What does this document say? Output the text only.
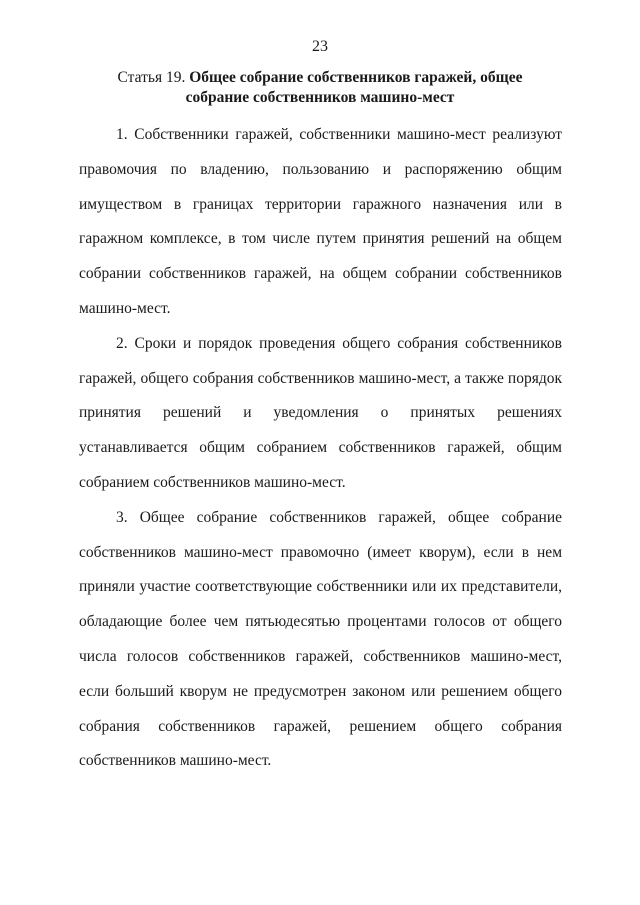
23
Статья 19. Общее собрание собственников гаражей, общее собрание собственников машино-мест

1. Собственники гаражей, собственники машино-мест реализуют правомочия по владению, пользованию и распоряжению общим имуществом в границах территории гаражного назначения или в гаражном комплексе, в том числе путем принятия решений на общем собрании собственников гаражей, на общем собрании собственников машино-мест.

2. Сроки и порядок проведения общего собрания собственников гаражей, общего собрания собственников машино-мест, а также порядок принятия решений и уведомления о принятых решениях устанавливается общим собранием собственников гаражей, общим собранием собственников машино-мест.

3. Общее собрание собственников гаражей, общее собрание собственников машино-мест правомочно (имеет кворум), если в нем приняли участие соответствующие собственники или их представители, обладающие более чем пятьюдесятью процентами голосов от общего числа голосов собственников гаражей, собственников машино-мест, если больший кворум не предусмотрен законом или решением общего собрания собственников гаражей, решением общего собрания собственников машино-мест.
